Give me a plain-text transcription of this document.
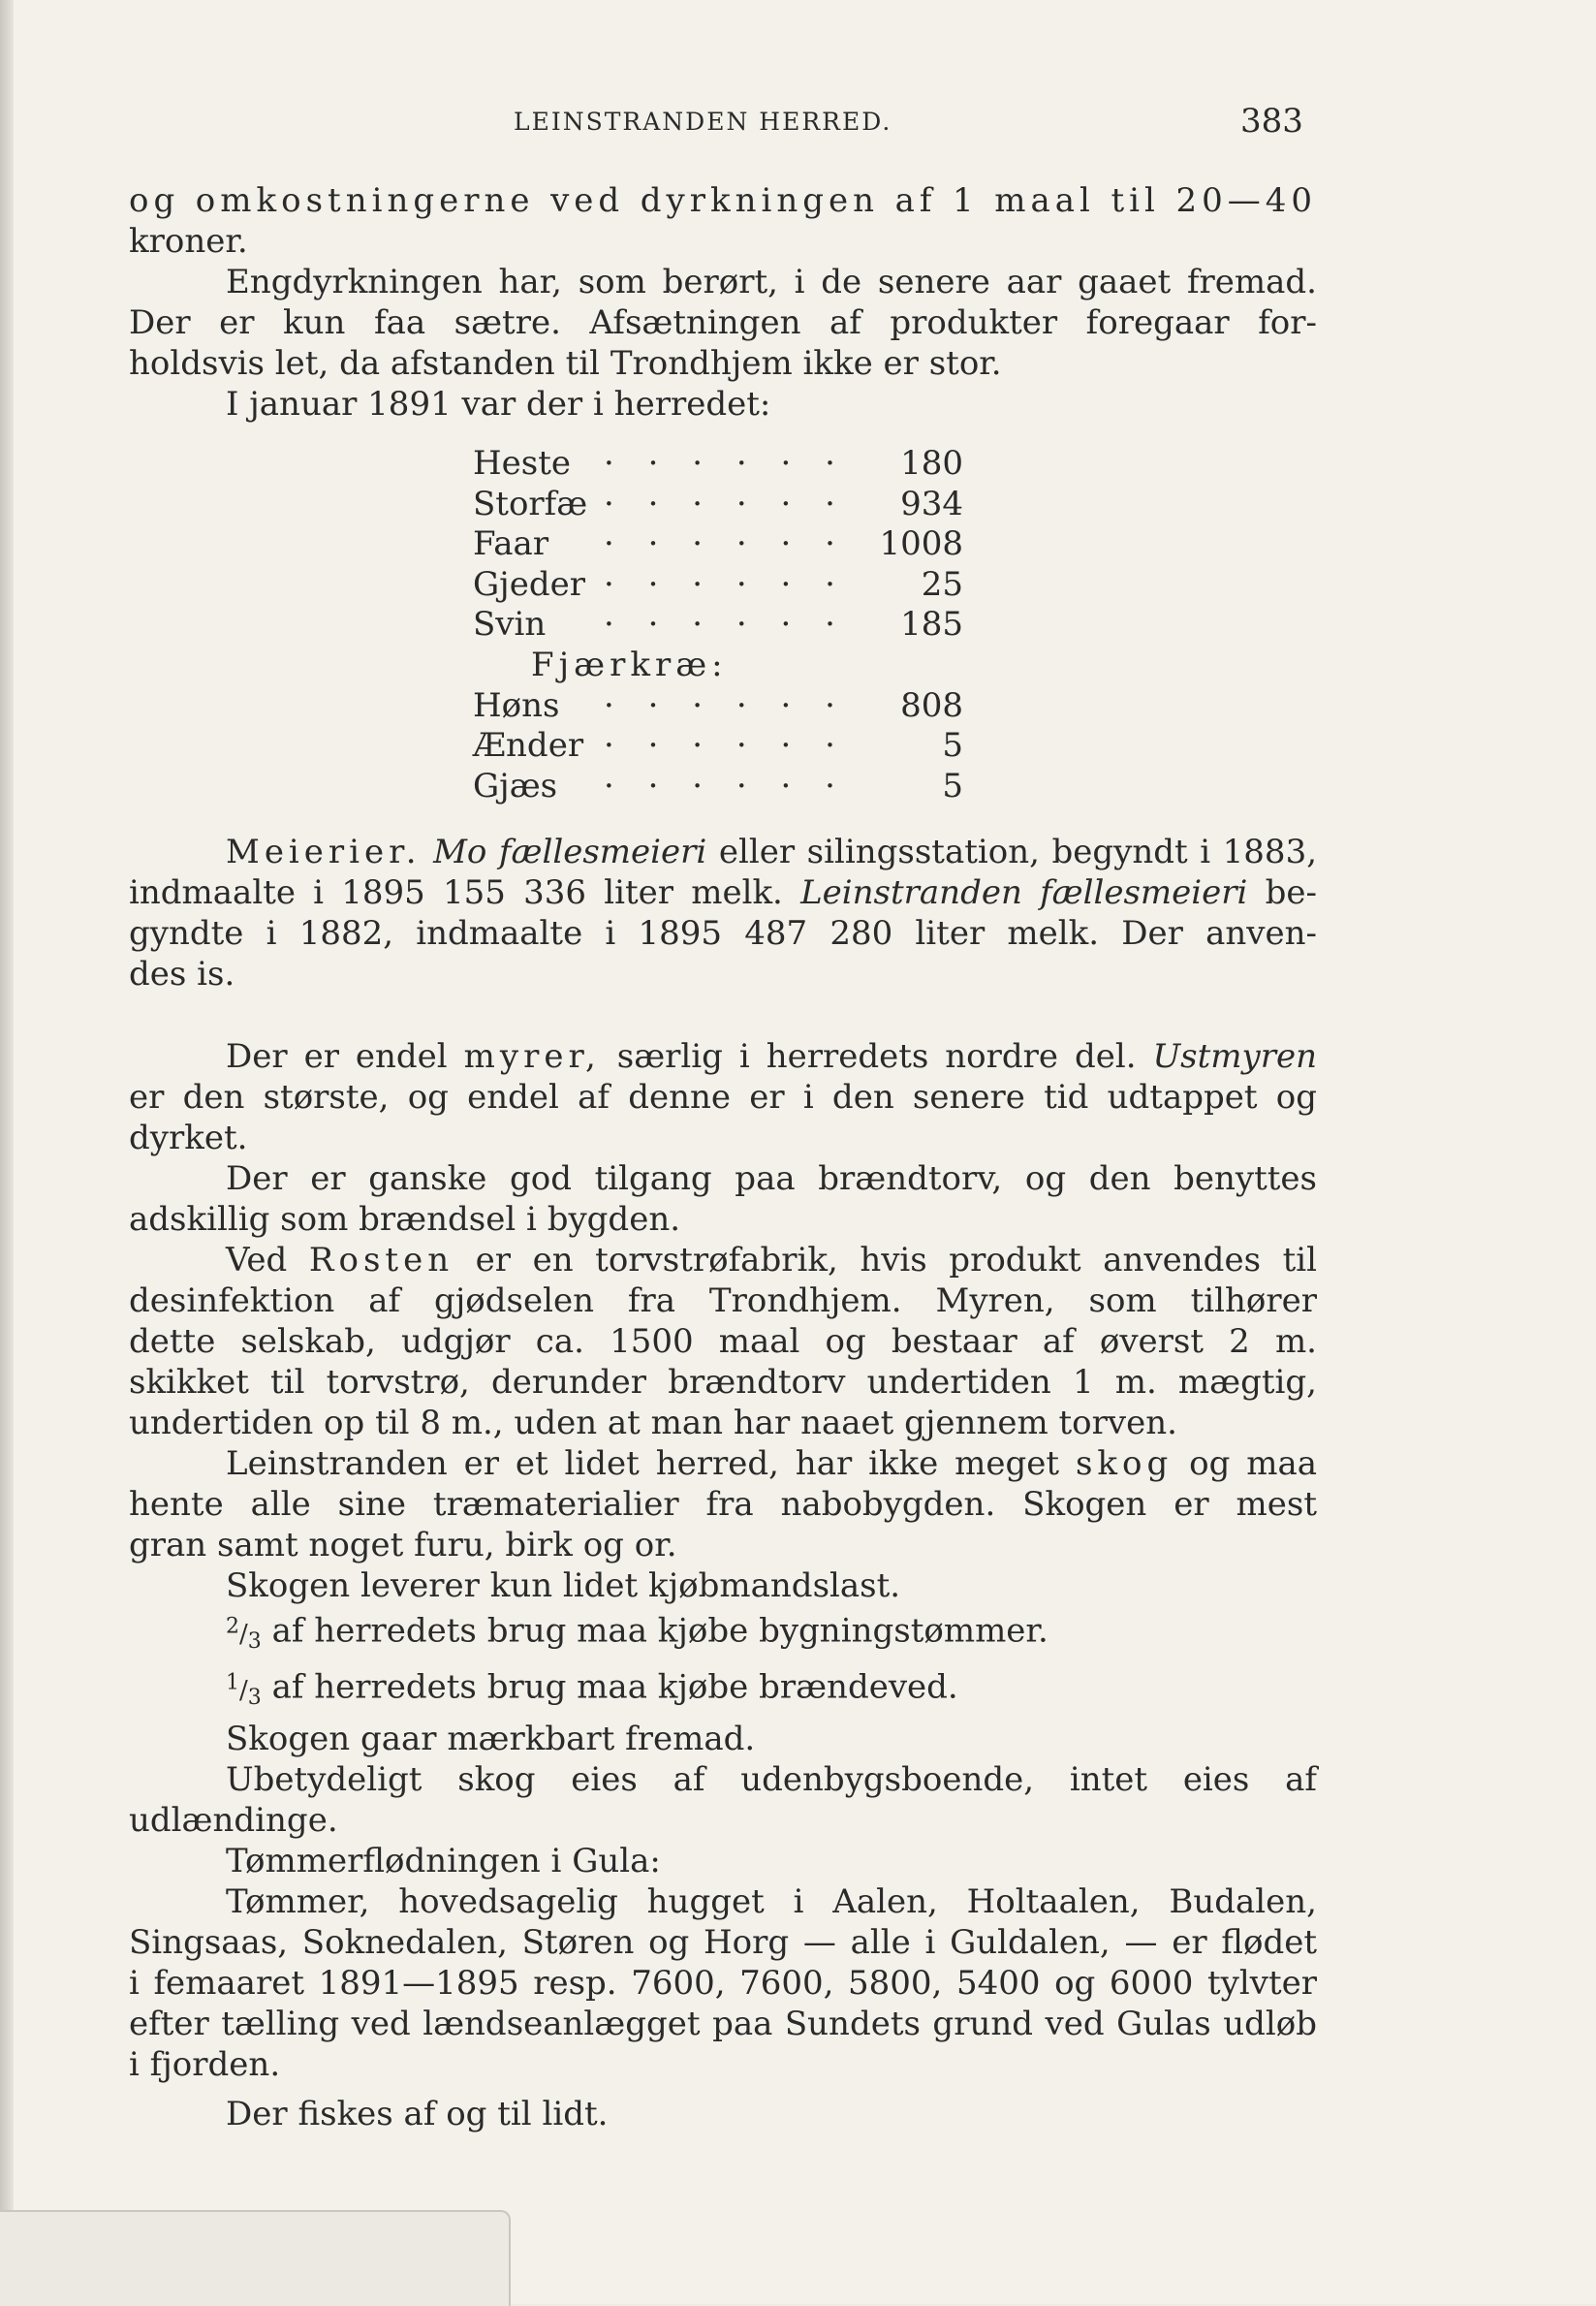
LEINSTRANDEN HERRED.	383
og omkostningerne ved dyrkningen af 1 maal til 20—40
kroner.
Engdyrkningen har, som berørt, i de senere aar gaaet fremad.
Der er kun faa sætre. Afsætningen af produkter foregaar for-
holdsvis let, da afstanden til Trondhjem ikke er stor.
I januar 1891 var der i herredet:
Heste · · · · · ·	180
Storfæ · · · · · ·	934
Faar · · · · · · 1008
Gjeder · · · · · ·	25
Svin · · · · · ·	185
Fjærkræ:
Høns · · · · · ·	808
Ænder · · · · · ·	5
Gjæs · · · · · ·	5
Meierier. Mo fællesmeieri eller silingsstation, begyndt i 1883,
indmaalte i 1895 155 336 liter melk. Leinstranden fællesmeieri be-
gyndte i 1882, indmaalte i 1895 487 280 liter melk. Der anven-
des is.
Der er endel myrer, særlig i herredets nordre del. Ustmyren
er den største, og endel af denne er i den senere tid udtappet og
dyrket.
Der er ganske god tilgang paa brændtorv, og den benyttes
adskillig som brændsel i bygden.
Ved Rosten er en torvstrøfabrik, hvis produkt anvendes til
desinfektion af gjødselen fra Trondhjem. Myren, som tilhører
dette selskab, udgjør ca. 1500 maal og bestaar af øverst 2 m.
skikket til torvstrø, derunder brændtorv undertiden 1 m. mægtig,
undertiden op til 8 m., uden at man har naaet gjennem torven.
Leinstranden er et lidet herred, har ikke meget skog og maa
hente alle sine træmaterialier fra nabobygden. Skogen er mest
gran samt noget furu, birk og or.
Skogen leverer kun lidet kjøbmandslast.
$^2/_3$ af herredets brug maa kjøbe bygningstømmer.
$^1/_3$ af herredets brug maa kjøbe brændeved.
Skogen gaar mærkbart fremad.
Ubetydeligt skog eies af udenbygsboende, intet eies af
udlændinge.
Tømmerflødningen i Gula:
Tømmer, hovedsagelig hugget i Aalen, Holtaalen, Budalen,
Singsaas, Soknedalen, Støren og Horg — alle i Guldalen, — er flødet
i femaaret 1891—1895 resp. 7600, 7600, 5800, 5400 og 6000 tylvter
efter tælling ved lændseanlægget paa Sundets grund ved Gulas udløb
i fjorden.
Der fiskes af og til lidt.
